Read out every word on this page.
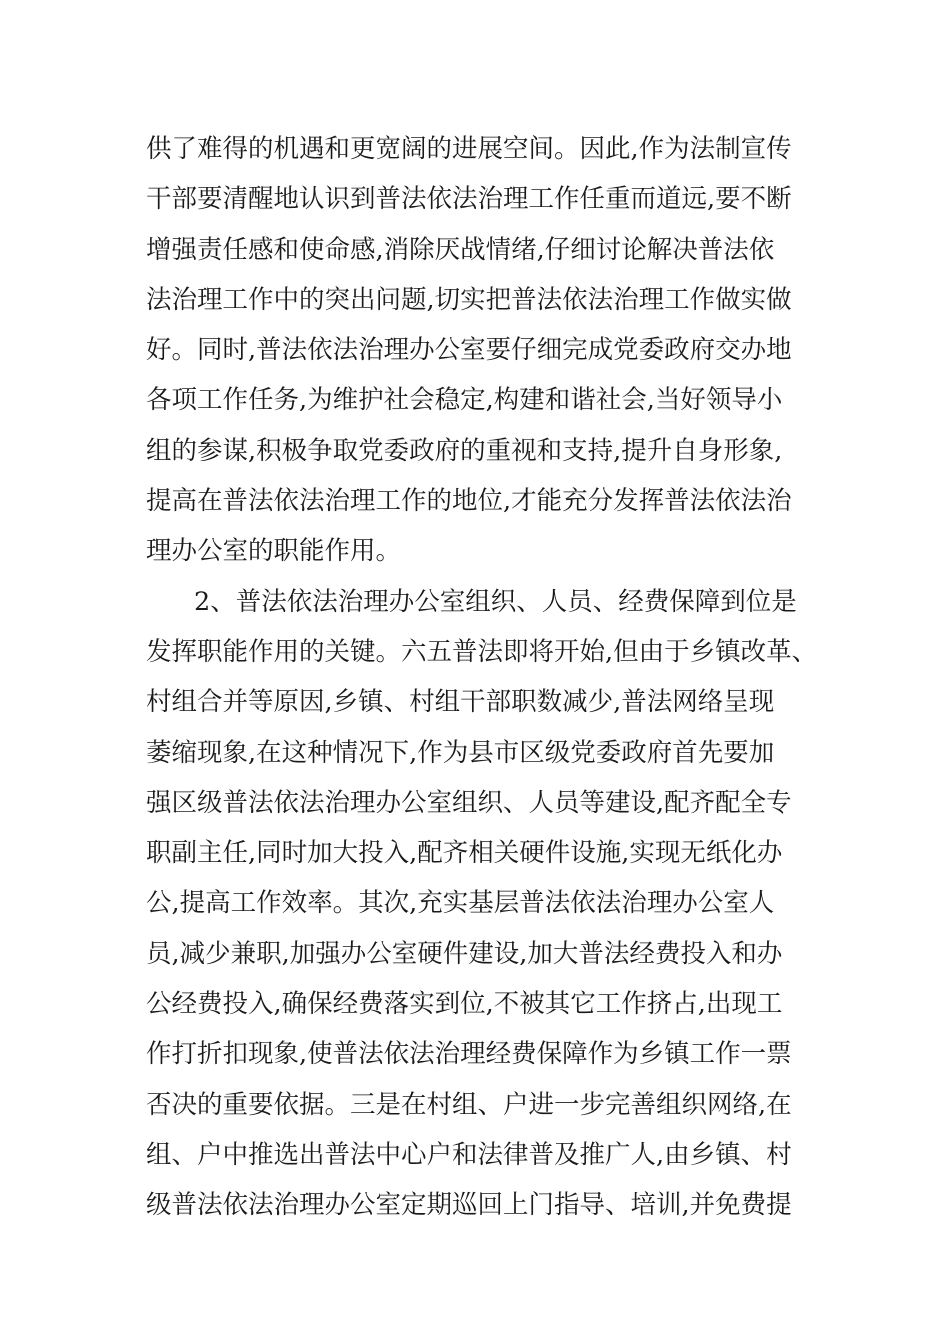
供了难得的机遇和更宽阔的进展空间。因此,作为法制宣传
干部要清醒地认识到普法依法治理工作任重而道远,要不断
增强责任感和使命感,消除厌战情绪,仔细讨论解决普法依
法治理工作中的突出问题,切实把普法依法治理工作做实做
好。同时,普法依法治理办公室要仔细完成党委政府交办地
各项工作任务,为维护社会稳定,构建和谐社会,当好领导小
组的参谋,积极争取党委政府的重视和支持,提升自身形象,
提高在普法依法治理工作的地位,才能充分发挥普法依法治
理办公室的职能作用。
2、普法依法治理办公室组织、人员、经费保障到位是
发挥职能作用的关键。六五普法即将开始,但由于乡镇改革、
村组合并等原因,乡镇、村组干部职数减少,普法网络呈现
萎缩现象,在这种情况下,作为县市区级党委政府首先要加
强区级普法依法治理办公室组织、人员等建设,配齐配全专
职副主任,同时加大投入,配齐相关硬件设施,实现无纸化办
公,提高工作效率。其次,充实基层普法依法治理办公室人
员,减少兼职,加强办公室硬件建设,加大普法经费投入和办
公经费投入,确保经费落实到位,不被其它工作挤占,出现工
作打折扣现象,使普法依法治理经费保障作为乡镇工作一票
否决的重要依据。三是在村组、户进一步完善组织网络,在
组、户中推选出普法中心户和法律普及推广人,由乡镇、村
级普法依法治理办公室定期巡回上门指导、培训,并免费提
